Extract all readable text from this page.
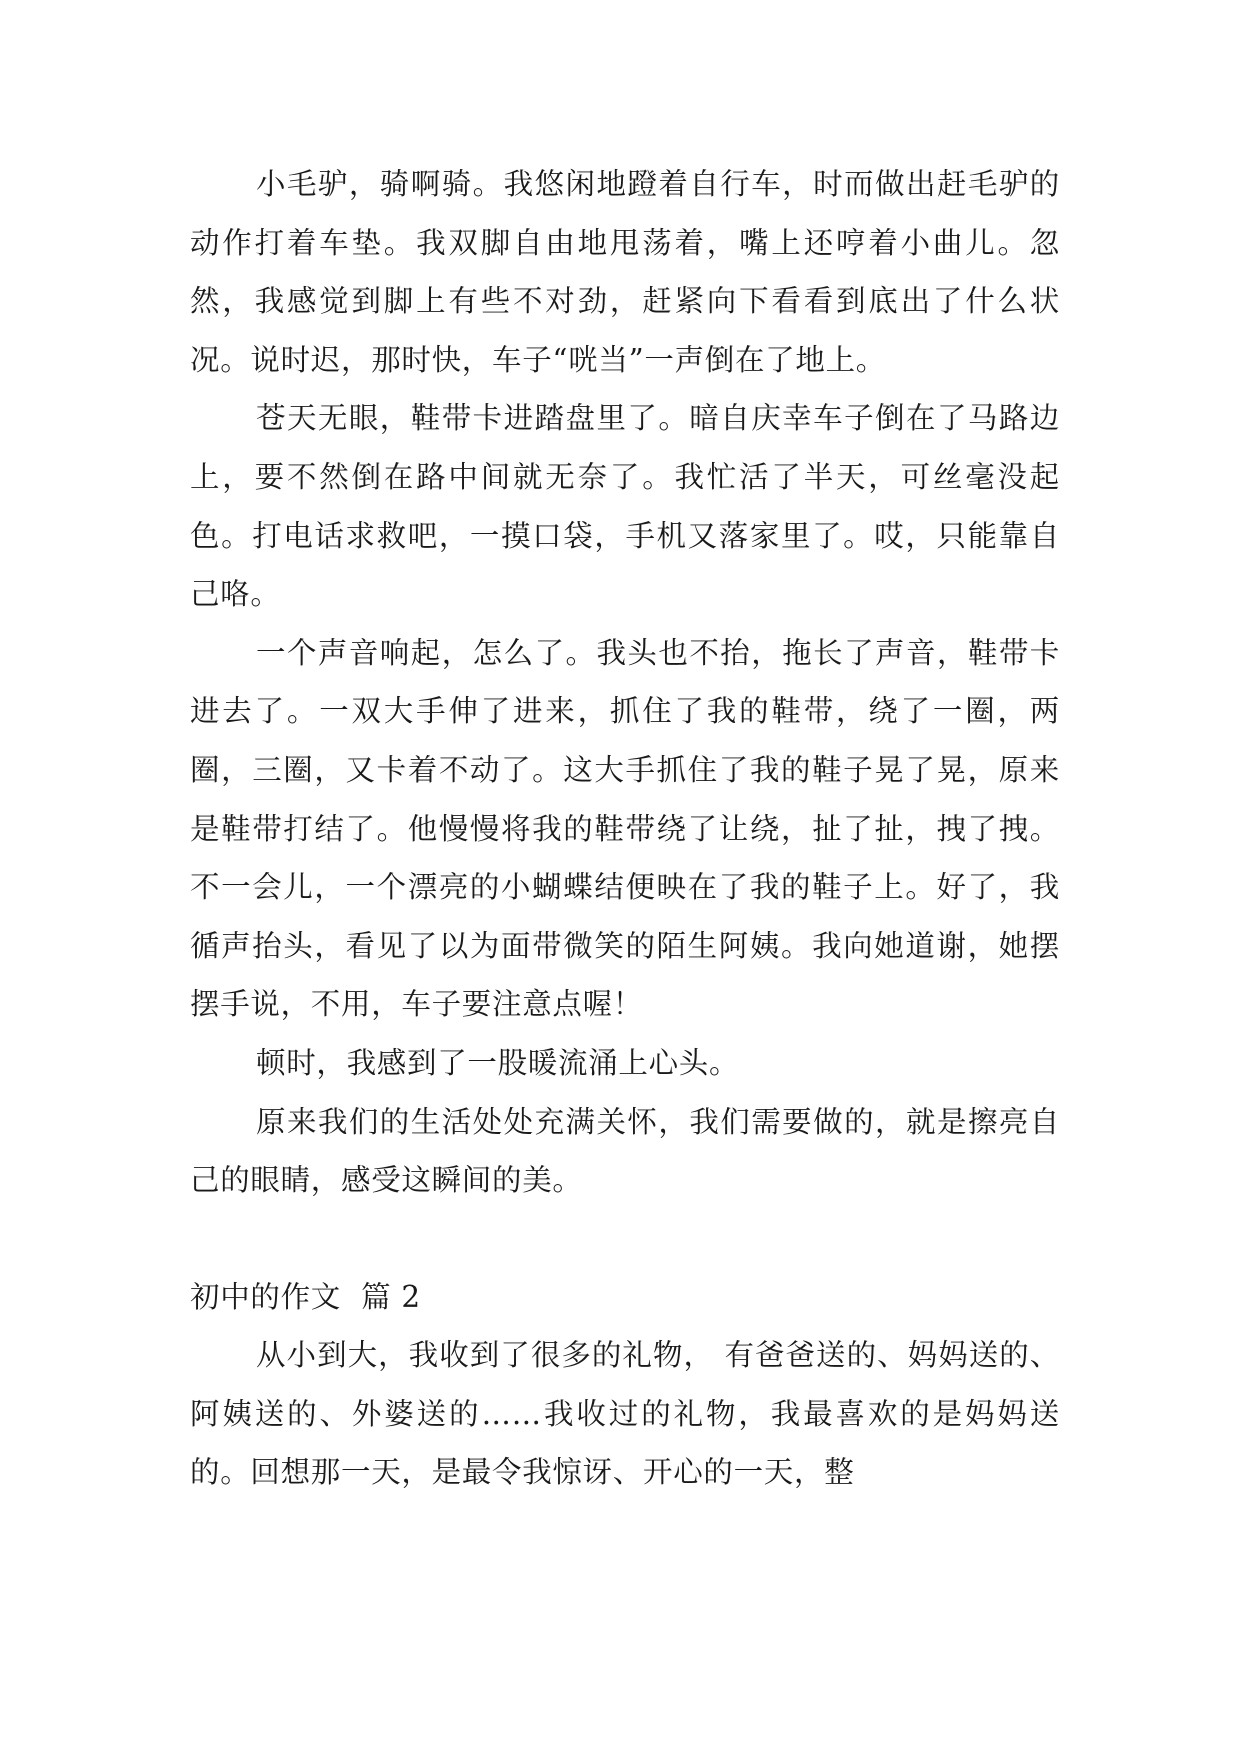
小毛驴，骑啊骑。我悠闲地蹬着自行车，时而做出赶毛驴的动作打着车垫。我双脚自由地甩荡着，嘴上还哼着小曲儿。忽然，我感觉到脚上有些不对劲，赶紧向下看看到底出了什么状况。说时迟，那时快，车子“咣当”一声倒在了地上。

苍天无眼，鞋带卡进踏盘里了。暗自庆幸车子倒在了马路边上，要不然倒在路中间就无奈了。我忙活了半天，可丝毫没起色。打电话求救吧，一摸口袋，手机又落家里了。哎，只能靠自己咯。

一个声音响起，怎么了。我头也不抬，拖长了声音，鞋带卡进去了。一双大手伸了进来，抓住了我的鞋带，绕了一圈，两圈，三圈，又卡着不动了。这大手抓住了我的鞋子晃了晃，原来是鞋带打结了。他慢慢将我的鞋带绕了让绕，扯了扯，拽了拽。不一会儿，一个漂亮的小蝴蝶结便映在了我的鞋子上。好了，我循声抬头，看见了以为面带微笑的陌生阿姨。我向她道谢，她摆摆手说，不用，车子要注意点喔！

顿时，我感到了一股暖流涌上心头。

原来我们的生活处处充满关怀，我们需要做的，就是擦亮自己的眼睛，感受这瞬间的美。

初中的作文  篇 2

从小到大，我收到了很多的礼物， 有爸爸送的、妈妈送的、阿姨送的、外婆送的……我收过的礼物，我最喜欢的是妈妈送的。回想那一天，是最令我惊讶、开心的一天，整
